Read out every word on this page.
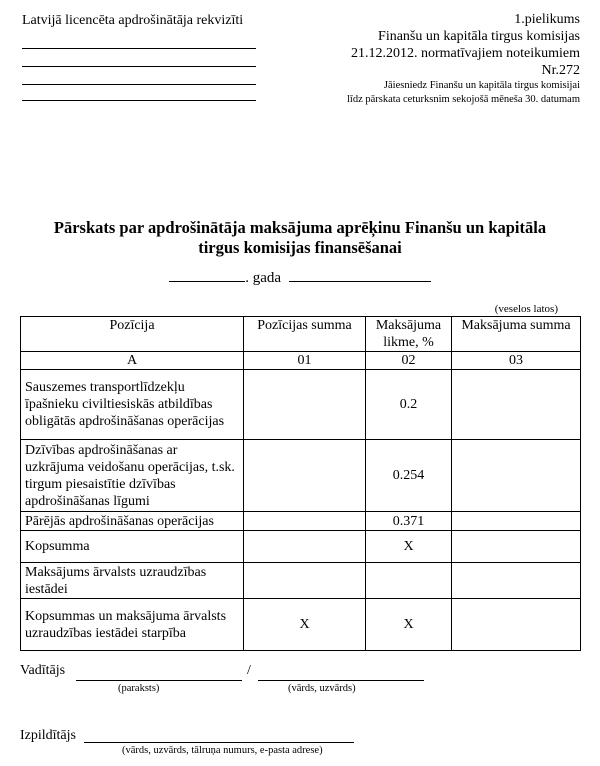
Latvijā licencēta apdrošinātāja rekvizīti	1.pielikums
Finanšu un kapitāla tirgus komisijas
21.12.2012. normatīvajiem noteikumiem
Nr.272
Jāiesniedz Finanšu un kapitāla tirgus komisijai
līdz pārskata ceturksnim sekojošā mēneša 30. datumam
Pārskats par apdrošinātāja maksājuma aprēķinu Finanšu un kapitāla
tirgus komisijas finansēšanai
. gada
(veselos latos)
Pozīcija	Pozīcijas summa	Maksājuma likme, %	Maksājuma summa
A	01	02	03
Sauszemes transportlīdzekļu īpašnieku civiltiesiskās atbildības obligātās apdrošināšanas operācijas		0.2	
Dzīvības apdrošināšanas ar uzkrājuma veidošanu operācijas, t.sk. tirgum piesaistītie dzīvības apdrošināšanas līgumi		0.254	
Pārējās apdrošināšanas operācijas		0.371	
Kopsumma		X	
Maksājums ārvalsts uzraudzības iestādei			
Kopsummas un maksājuma ārvalsts uzraudzības iestādei starpība	X	X	
Vadītājs	/
(paraksts)	(vārds, uzvārds)
Izpildītājs
(vārds, uzvārds, tālruņa numurs, e-pasta adrese)
